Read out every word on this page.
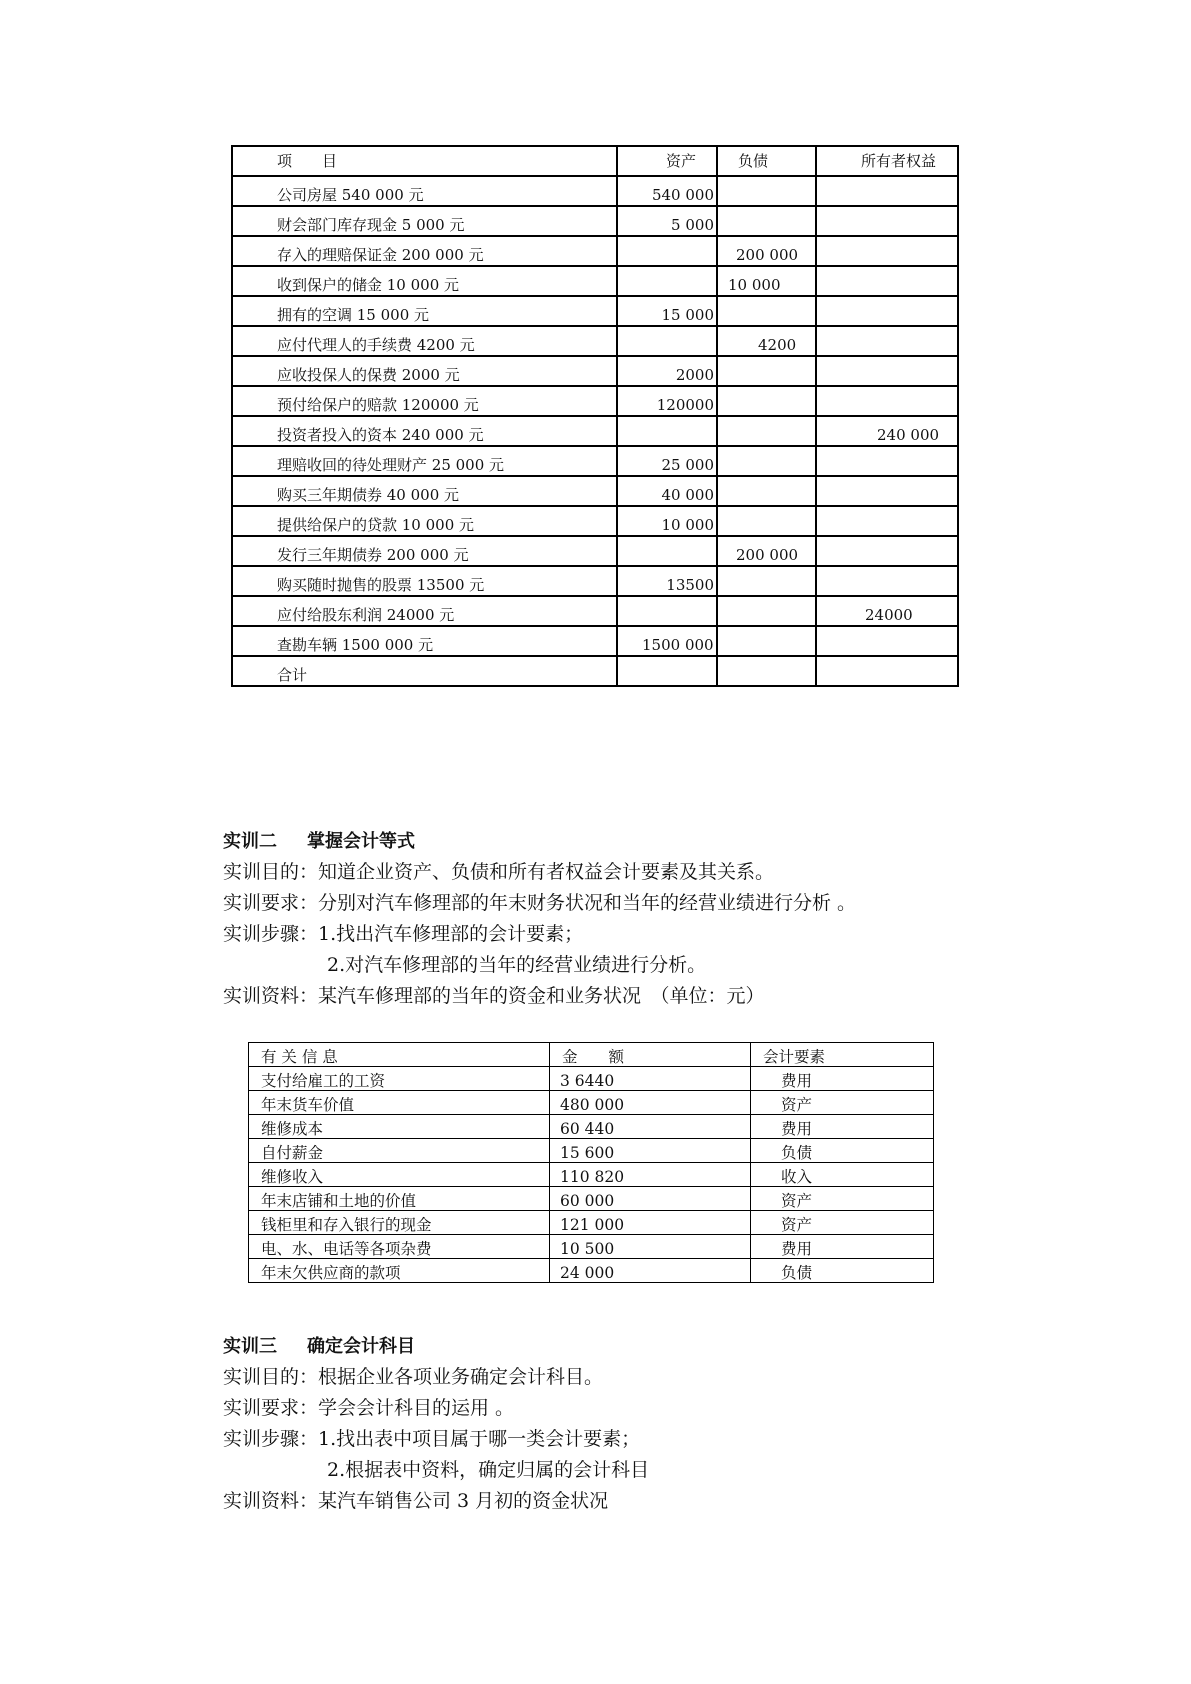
项　　目	资产	负债	所有者权益
公司房屋 540 000 元	540 000		
财会部门库存现金 5 000 元	5 000		
存入的理赔保证金 200 000 元		200 000	
收到保户的储金 10 000 元		10 000	
拥有的空调 15 000 元	15 000		
应付代理人的手续费 4200 元		4200	
应收投保人的保费 2000 元	2000		
预付给保户的赔款 120000 元	120000		
投资者投入的资本 240 000 元			240 000
理赔收回的待处理财产 25 000 元	25 000		
购买三年期债券 40 000 元	40 000		
提供给保户的贷款 10 000 元	10 000		
发行三年期债券 200 000 元		200 000	
购买随时抛售的股票 13500 元	13500		
应付给股东利润 24000 元			24000
查勘车辆 1500 000 元	1500 000		
合计			
实训二 掌握会计等式
实训目的：知道企业资产、负债和所有者权益会计要素及其关系。
实训要求：分别对汽车修理部的年末财务状况和当年的经营业绩进行分析 。
实训步骤：1.找出汽车修理部的会计要素；
2.对汽车修理部的当年的经营业绩进行分析。
实训资料：某汽车修理部的当年的资金和业务状况　（单位：元）
有 关 信 息	金　　额	会计要素
支付给雇工的工资	3 6440	费用
年末货车价值	480 000	资产
维修成本	60 440	费用
自付薪金	15 600	负债
维修收入	110 820	收入
年末店铺和土地的价值	60 000	资产
钱柜里和存入银行的现金	121 000	资产
电、水、电话等各项杂费	10 500	费用
年末欠供应商的款项	24 000	负债
实训三 确定会计科目
实训目的：根据企业各项业务确定会计科目。
实训要求：学会会计科目的运用 。
实训步骤：1.找出表中项目属于哪一类会计要素；
2.根据表中资料，确定归属的会计科目
实训资料：某汽车销售公司 3 月初的资金状况
